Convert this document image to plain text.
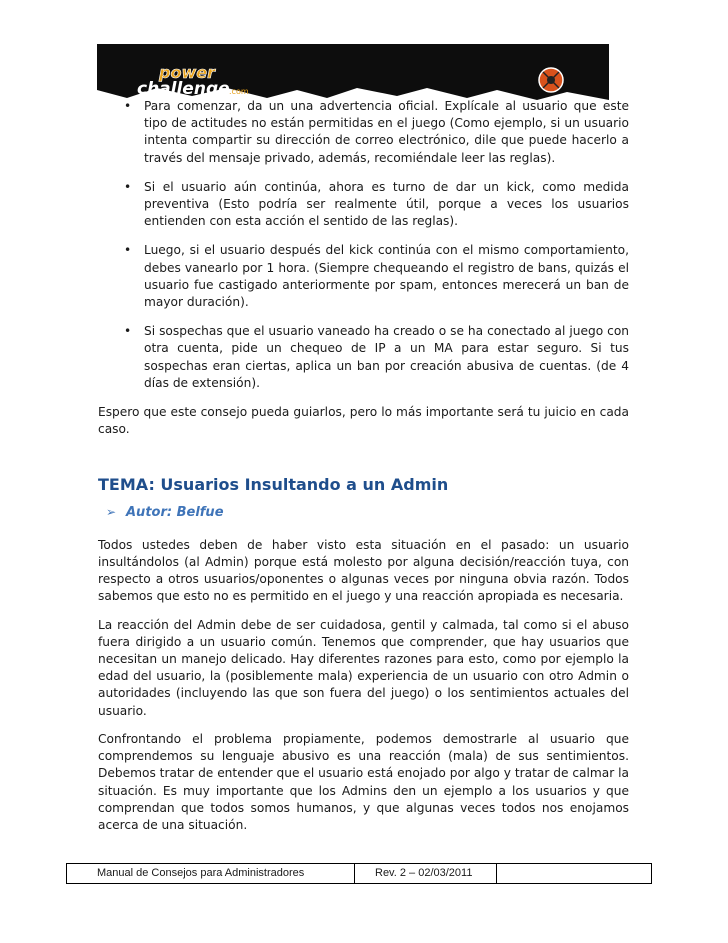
power
challenge .com
• Para comenzar, da un una advertencia oficial. Explícale al usuario que este tipo de actitudes no están permitidas en el juego (Como ejemplo, si un usuario intenta compartir su dirección de correo electrónico, dile que puede hacerlo a través del mensaje privado, además, recomiéndale leer las reglas).
• Si el usuario aún continúa, ahora es turno de dar un kick, como medida preventiva (Esto podría ser realmente útil, porque a veces los usuarios entienden con esta acción el sentido de las reglas).
• Luego, si el usuario después del kick continúa con el mismo comportamiento, debes vanearlo por 1 hora. (Siempre chequeando el registro de bans, quizás el usuario fue castigado anteriormente por spam, entonces merecerá un ban de mayor duración).
• Si sospechas que el usuario vaneado ha creado o se ha conectado al juego con otra cuenta, pide un chequeo de IP a un MA para estar seguro. Si tus sospechas eran ciertas, aplica un ban por creación abusiva de cuentas. (de 4 días de extensión).

Espero que este consejo pueda guiarlos, pero lo más importante será tu juicio en cada caso.

TEMA: Usuarios Insultando a un Admin
➢ Autor: Belfue

Todos ustedes deben de haber visto esta situación en el pasado: un usuario insultándolos (al Admin) porque está molesto por alguna decisión/reacción tuya, con respecto a otros usuarios/oponentes o algunas veces por ninguna obvia razón. Todos sabemos que esto no es permitido en el juego y una reacción apropiada es necesaria.

La reacción del Admin debe de ser cuidadosa, gentil y calmada, tal como si el abuso fuera dirigido a un usuario común. Tenemos que comprender, que hay usuarios que necesitan un manejo delicado. Hay diferentes razones para esto, como por ejemplo la edad del usuario, la (posiblemente mala) experiencia de un usuario con otro Admin o autoridades (incluyendo las que son fuera del juego) o los sentimientos actuales del usuario.

Confrontando el problema propiamente, podemos demostrarle al usuario que comprendemos su lenguaje abusivo es una reacción (mala) de sus sentimientos. Debemos tratar de entender que el usuario está enojado por algo y tratar de calmar la situación. Es muy importante que los Admins den un ejemplo a los usuarios y que comprendan que todos somos humanos, y que algunas veces todos nos enojamos acerca de una situación.

Manual de Consejos para Administradores	Rev. 2 – 02/03/2011
